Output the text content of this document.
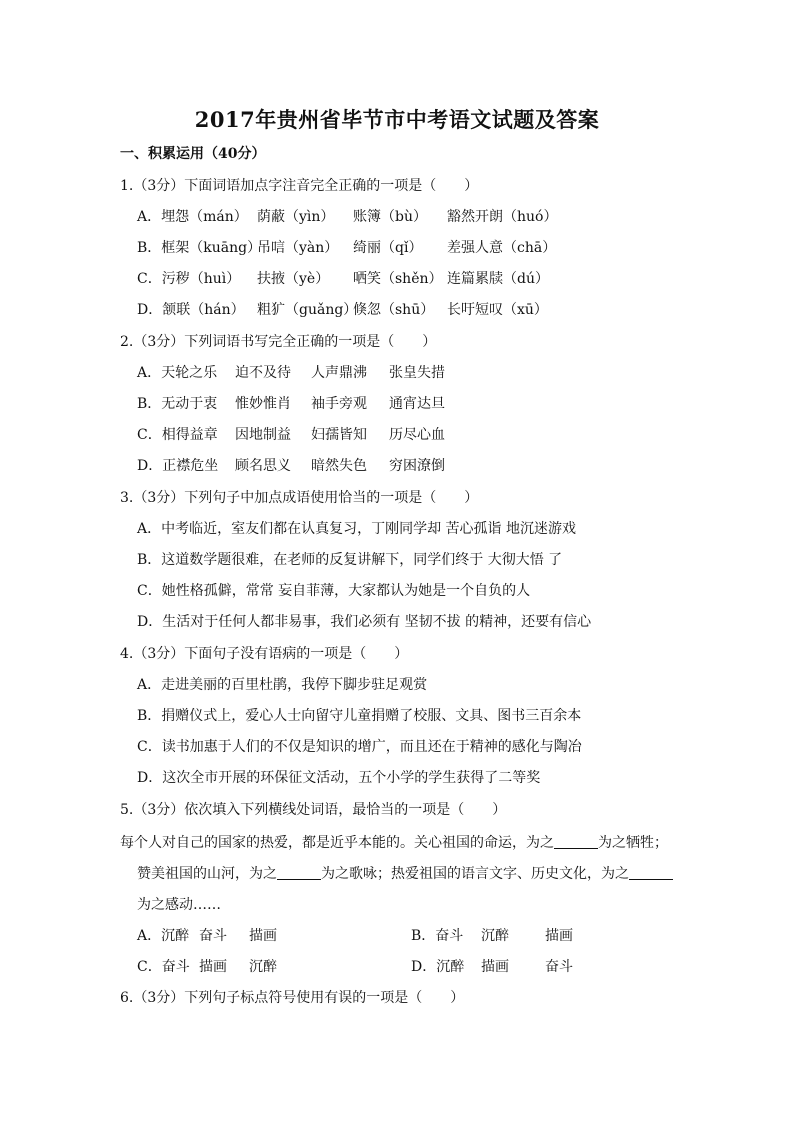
2017年贵州省毕节市中考语文试题及答案
一、积累运用（40分）
1.（3分）下面词语加点字注音完全正确的一项是（　　）
A．埋怨（mán） 荫蔽（yìn） 账簿（bù） 豁然开朗（huó）
B．框架（kuāng）吊唁（yàn） 绮丽（qǐ） 差强人意（chā）
C．污秽（huì） 扶掖（yè） 哂笑（shěn） 连篇累牍（dú）
D．颔联（hán） 粗犷（guǎng）倏忽（shū） 长吁短叹（xū）
2.（3分）下列词语书写完全正确的一项是（　　）
A．天轮之乐 迫不及待 人声鼎沸 张皇失措
B．无动于衷 惟妙惟肖 袖手旁观 通宵达旦
C．相得益章 因地制益 妇孺皆知 历尽心血
D．正襟危坐 顾名思义 暗然失色 穷困潦倒
3.（3分）下列句子中加点成语使用恰当的一项是（　　）
A．中考临近，室友们都在认真复习，丁刚同学却 苦心孤诣 地沉迷游戏
B．这道数学题很难，在老师的反复讲解下，同学们终于 大彻大悟 了
C．她性格孤僻，常常 妄自菲薄，大家都认为她是一个自负的人
D．生活对于任何人都非易事，我们必须有 坚韧不拔 的精神，还要有信心
4.（3分）下面句子没有语病的一项是（　　）
A．走进美丽的百里杜鹃，我停下脚步驻足观赏
B．捐赠仪式上，爱心人士向留守儿童捐赠了校服、文具、图书三百余本
C．读书加惠于人们的不仅是知识的增广，而且还在于精神的感化与陶冶
D．这次全市开展的环保征文活动，五个小学的学生获得了二等奖
5.（3分）依次填入下列横线处词语，最恰当的一项是（　　）
每个人对自己的国家的热爱，都是近乎本能的。关心祖国的命运，为之	为之牺牲；
赞美祖国的山河，为之	为之歌咏；热爱祖国的语言文字、历史文化，为之
为之感动……
A．沉醉 奋斗 描画	B．奋斗 沉醉	描画
C．奋斗 描画 沉醉	D．沉醉 描画	奋斗
6.（3分）下列句子标点符号使用有误的一项是（　　）
